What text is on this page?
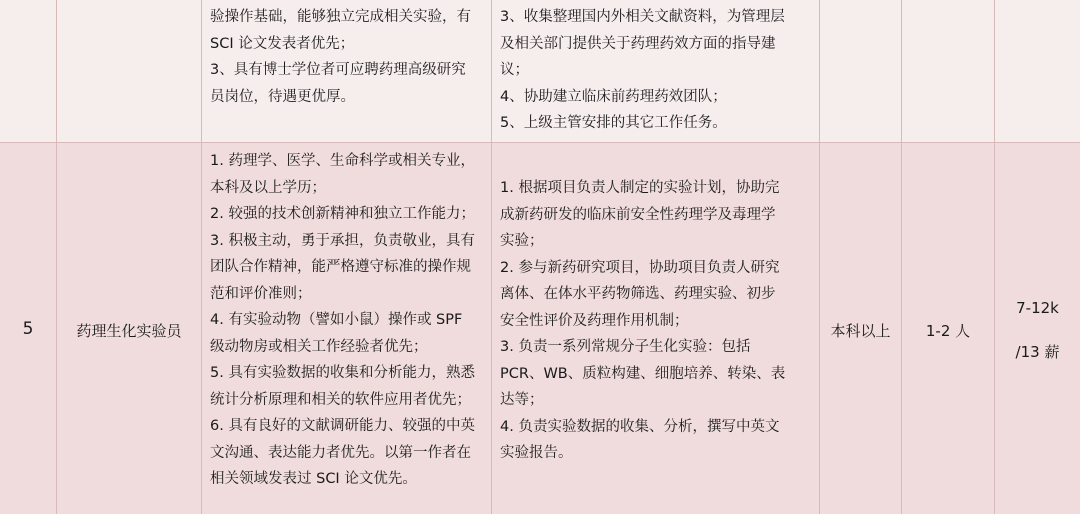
验操作基础，能够独立完成相关实验，有
SCI 论文发表者优先；
3、具有博士学位者可应聘药理高级研究
员岗位，待遇更优厚。
3、收集整理国内外相关文献资料，为管理层
及相关部门提供关于药理药效方面的指导建
议；
4、协助建立临床前药理药效团队；
5、上级主管安排的其它工作任务。
5	药理生化实验员
1. 药理学、医学、生命科学或相关专业，
本科及以上学历；
2. 较强的技术创新精神和独立工作能力；
3. 积极主动，勇于承担，负责敬业，具有
团队合作精神，能严格遵守标准的操作规
范和评价准则；
4. 有实验动物（譬如小鼠）操作或 SPF
级动物房或相关工作经验者优先；
5. 具有实验数据的收集和分析能力，熟悉
统计分析原理和相关的软件应用者优先；
6. 具有良好的文献调研能力、较强的中英
文沟通、表达能力者优先。以第一作者在
相关领域发表过 SCI 论文优先。
1. 根据项目负责人制定的实验计划，协助完
成新药研发的临床前安全性药理学及毒理学
实验；
2. 参与新药研究项目，协助项目负责人研究
离体、在体水平药物筛选、药理实验、初步
安全性评价及药理作用机制；
3. 负责一系列常规分子生化实验：包括
PCR、WB、质粒构建、细胞培养、转染、表
达等；
4. 负责实验数据的收集、分析，撰写中英文
实验报告。
本科以上	1-2 人
7-12k
/13 薪
